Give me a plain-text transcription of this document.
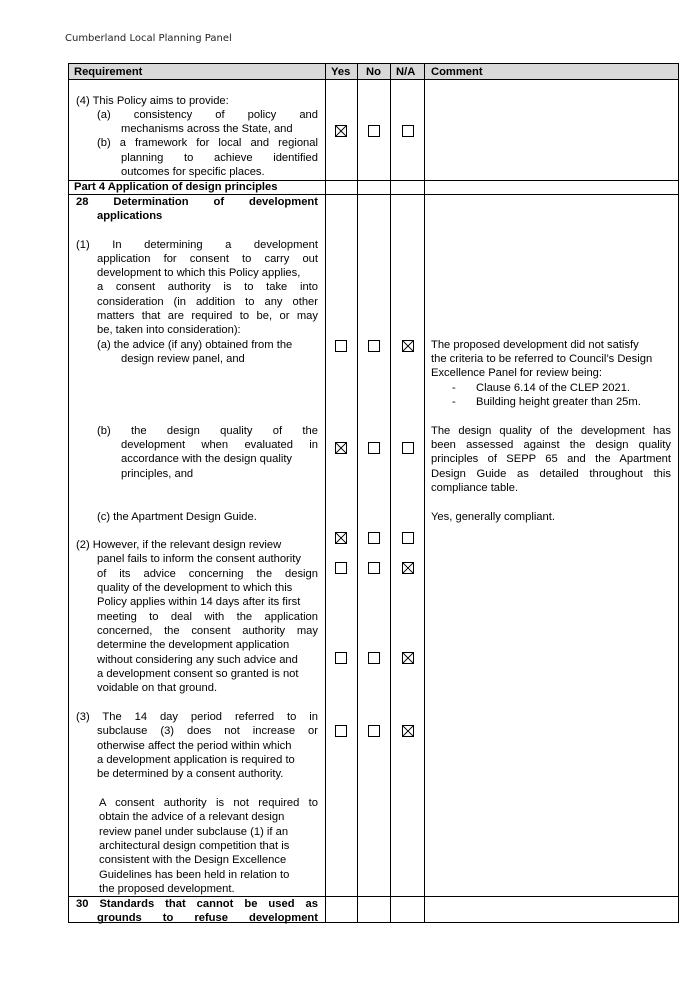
Cumberland Local Planning Panel
Requirement	Yes No N/A Comment
(4) This Policy aims to provide:
(a) consistency of policy and
mechanisms across the State, and
(b) a framework for local and regional
planning to achieve identified
outcomes for specific places.
Part 4 Application of design principles
28 Determination of development
applications
(1) In determining a development
application for consent to carry out
development to which this Policy applies,
a consent authority is to take into
consideration (in addition to any other
matters that are required to be, or may
be, taken into consideration):
(a) the advice (if any) obtained from the
design review panel, and
(b) the design quality of the
development when evaluated in
accordance with the design quality
principles, and
(c) the Apartment Design Guide.
(2) However, if the relevant design review
panel fails to inform the consent authority
of its advice concerning the design
quality of the development to which this
Policy applies within 14 days after its first
meeting to deal with the application
concerned, the consent authority may
determine the development application
without considering any such advice and
a development consent so granted is not
voidable on that ground.
(3) The 14 day period referred to in
subclause (3) does not increase or
otherwise affect the period within which
a development application is required to
be determined by a consent authority.
A consent authority is not required to
obtain the advice of a relevant design
review panel under subclause (1) if an
architectural design competition that is
consistent with the Design Excellence
Guidelines has been held in relation to
the proposed development.
30 Standards that cannot be used as
grounds to refuse development
The proposed development did not satisfy
the criteria to be referred to Council’s Design
Excellence Panel for review being:
- Clause 6.14 of the CLEP 2021.
- Building height greater than 25m.
The design quality of the development has
been assessed against the design quality
principles of SEPP 65 and the Apartment
Design Guide as detailed throughout this
compliance table.
Yes, generally compliant.
